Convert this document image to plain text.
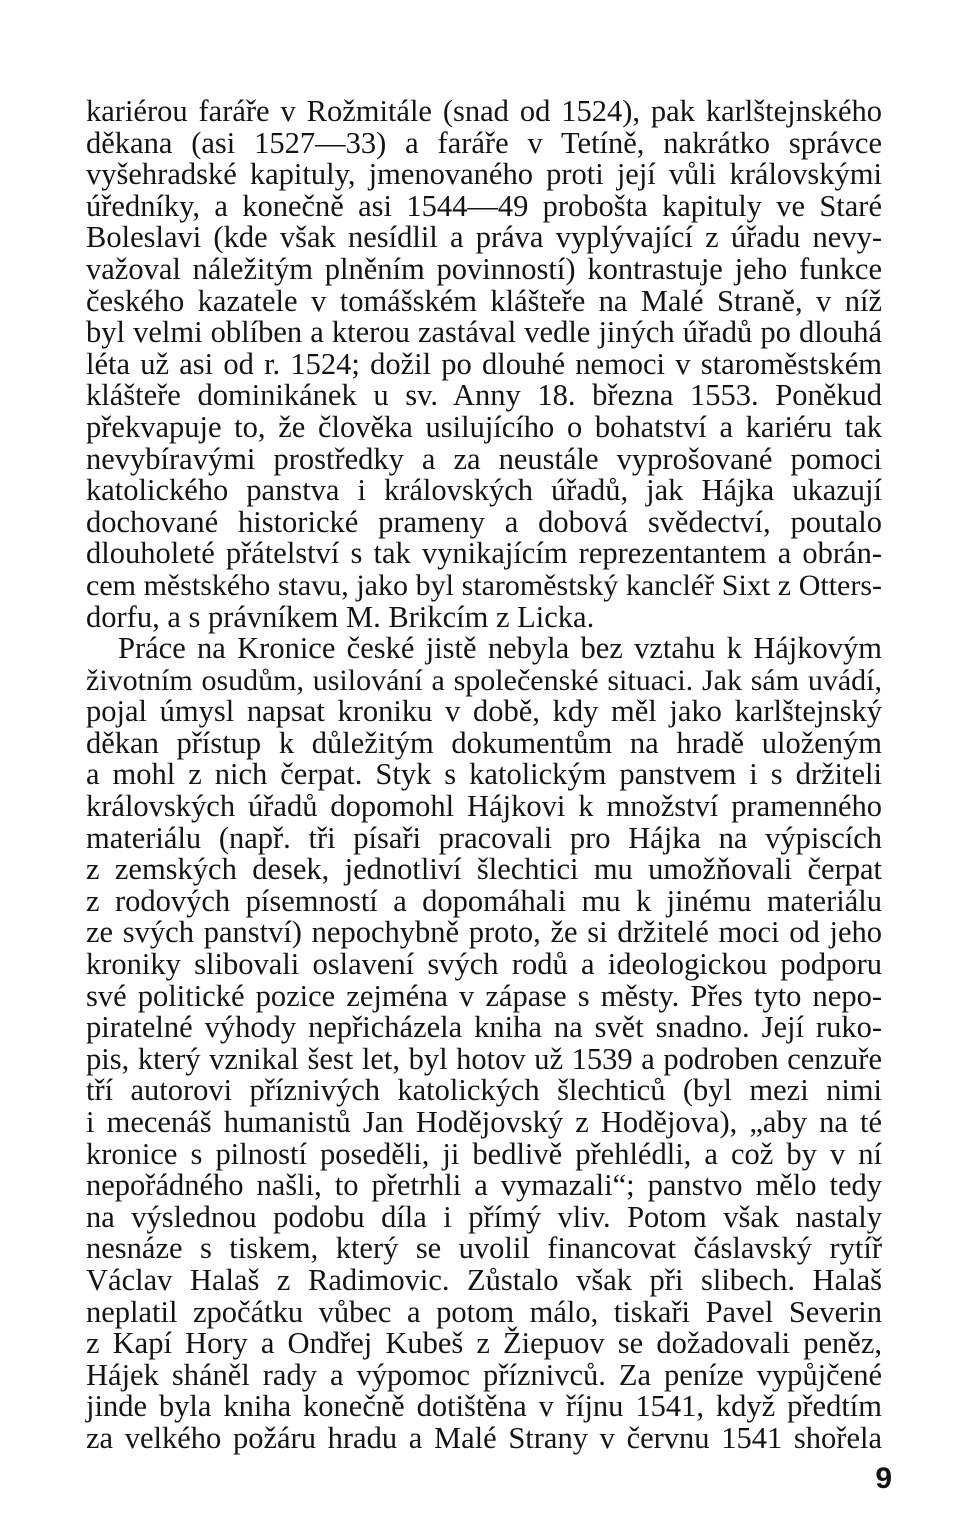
kariérou faráře v Rožmitále (snad od 1524), pak karlštejnského
děkana (asi 1527—33) a faráře v Tetíně, nakrátko správce
vyšehradské kapituly, jmenovaného proti její vůli královskými
úředníky, a konečně asi 1544—49 probošta kapituly ve Staré
Boleslavi (kde však nesídlil a práva vyplývající z úřadu nevy-
važoval náležitým plněním povinností) kontrastuje jeho funkce
českého kazatele v tomášském klášteře na Malé Straně, v níž
byl velmi oblíben a kterou zastával vedle jiných úřadů po dlouhá
léta už asi od r. 1524; dožil po dlouhé nemoci v staroměstském
klášteře dominikánek u sv. Anny 18. března 1553. Poněkud
překvapuje to, že člověka usilujícího o bohatství a kariéru tak
nevybíravými prostředky a za neustále vyprošované pomoci
katolického panstva i královských úřadů, jak Hájka ukazují
dochované historické prameny a dobová svědectví, poutalo
dlouholeté přátelství s tak vynikajícím reprezentantem a obrán-
cem městského stavu, jako byl staroměstský kancléř Sixt z Otters-
dorfu, a s právníkem M. Brikcím z Licka.
Práce na Kronice české jistě nebyla bez vztahu k Hájkovým
životním osudům, usilování a společenské situaci. Jak sám uvádí,
pojal úmysl napsat kroniku v době, kdy měl jako karlštejnský
děkan přístup k důležitým dokumentům na hradě uloženým
a mohl z nich čerpat. Styk s katolickým panstvem i s držiteli
královských úřadů dopomohl Hájkovi k množství pramenného
materiálu (např. tři písaři pracovali pro Hájka na výpiscích
z zemských desek, jednotliví šlechtici mu umožňovali čerpat
z rodových písemností a dopomáhali mu k jinému materiálu
ze svých panství) nepochybně proto, že si držitelé moci od jeho
kroniky slibovali oslavení svých rodů a ideologickou podporu
své politické pozice zejména v zápase s městy. Přes tyto nepo-
piratelné výhody nepřicházela kniha na svět snadno. Její ruko-
pis, který vznikal šest let, byl hotov už 1539 a podroben cenzuře
tří autorovi příznivých katolických šlechticů (byl mezi nimi
i mecenáš humanistů Jan Hodějovský z Hodějova), „aby na té
kronice s pilností poseděli, ji bedlivě přehlédli, a což by v ní
nepořádného našli, to přetrhli a vymazali“; panstvo mělo tedy
na výslednou podobu díla i přímý vliv. Potom však nastaly
nesnáze s tiskem, který se uvolil financovat čáslavský rytíř
Václav Halaš z Radimovic. Zůstalo však při slibech. Halaš
neplatil zpočátku vůbec a potom málo, tiskaři Pavel Severin
z Kapí Hory a Ondřej Kubeš z Žiepuov se dožadovali peněz,
Hájek sháněl rady a výpomoc příznivců. Za peníze vypůjčené
jinde byla kniha konečně dotištěna v říjnu 1541, když předtím
za velkého požáru hradu a Malé Strany v červnu 1541 shořela
9
